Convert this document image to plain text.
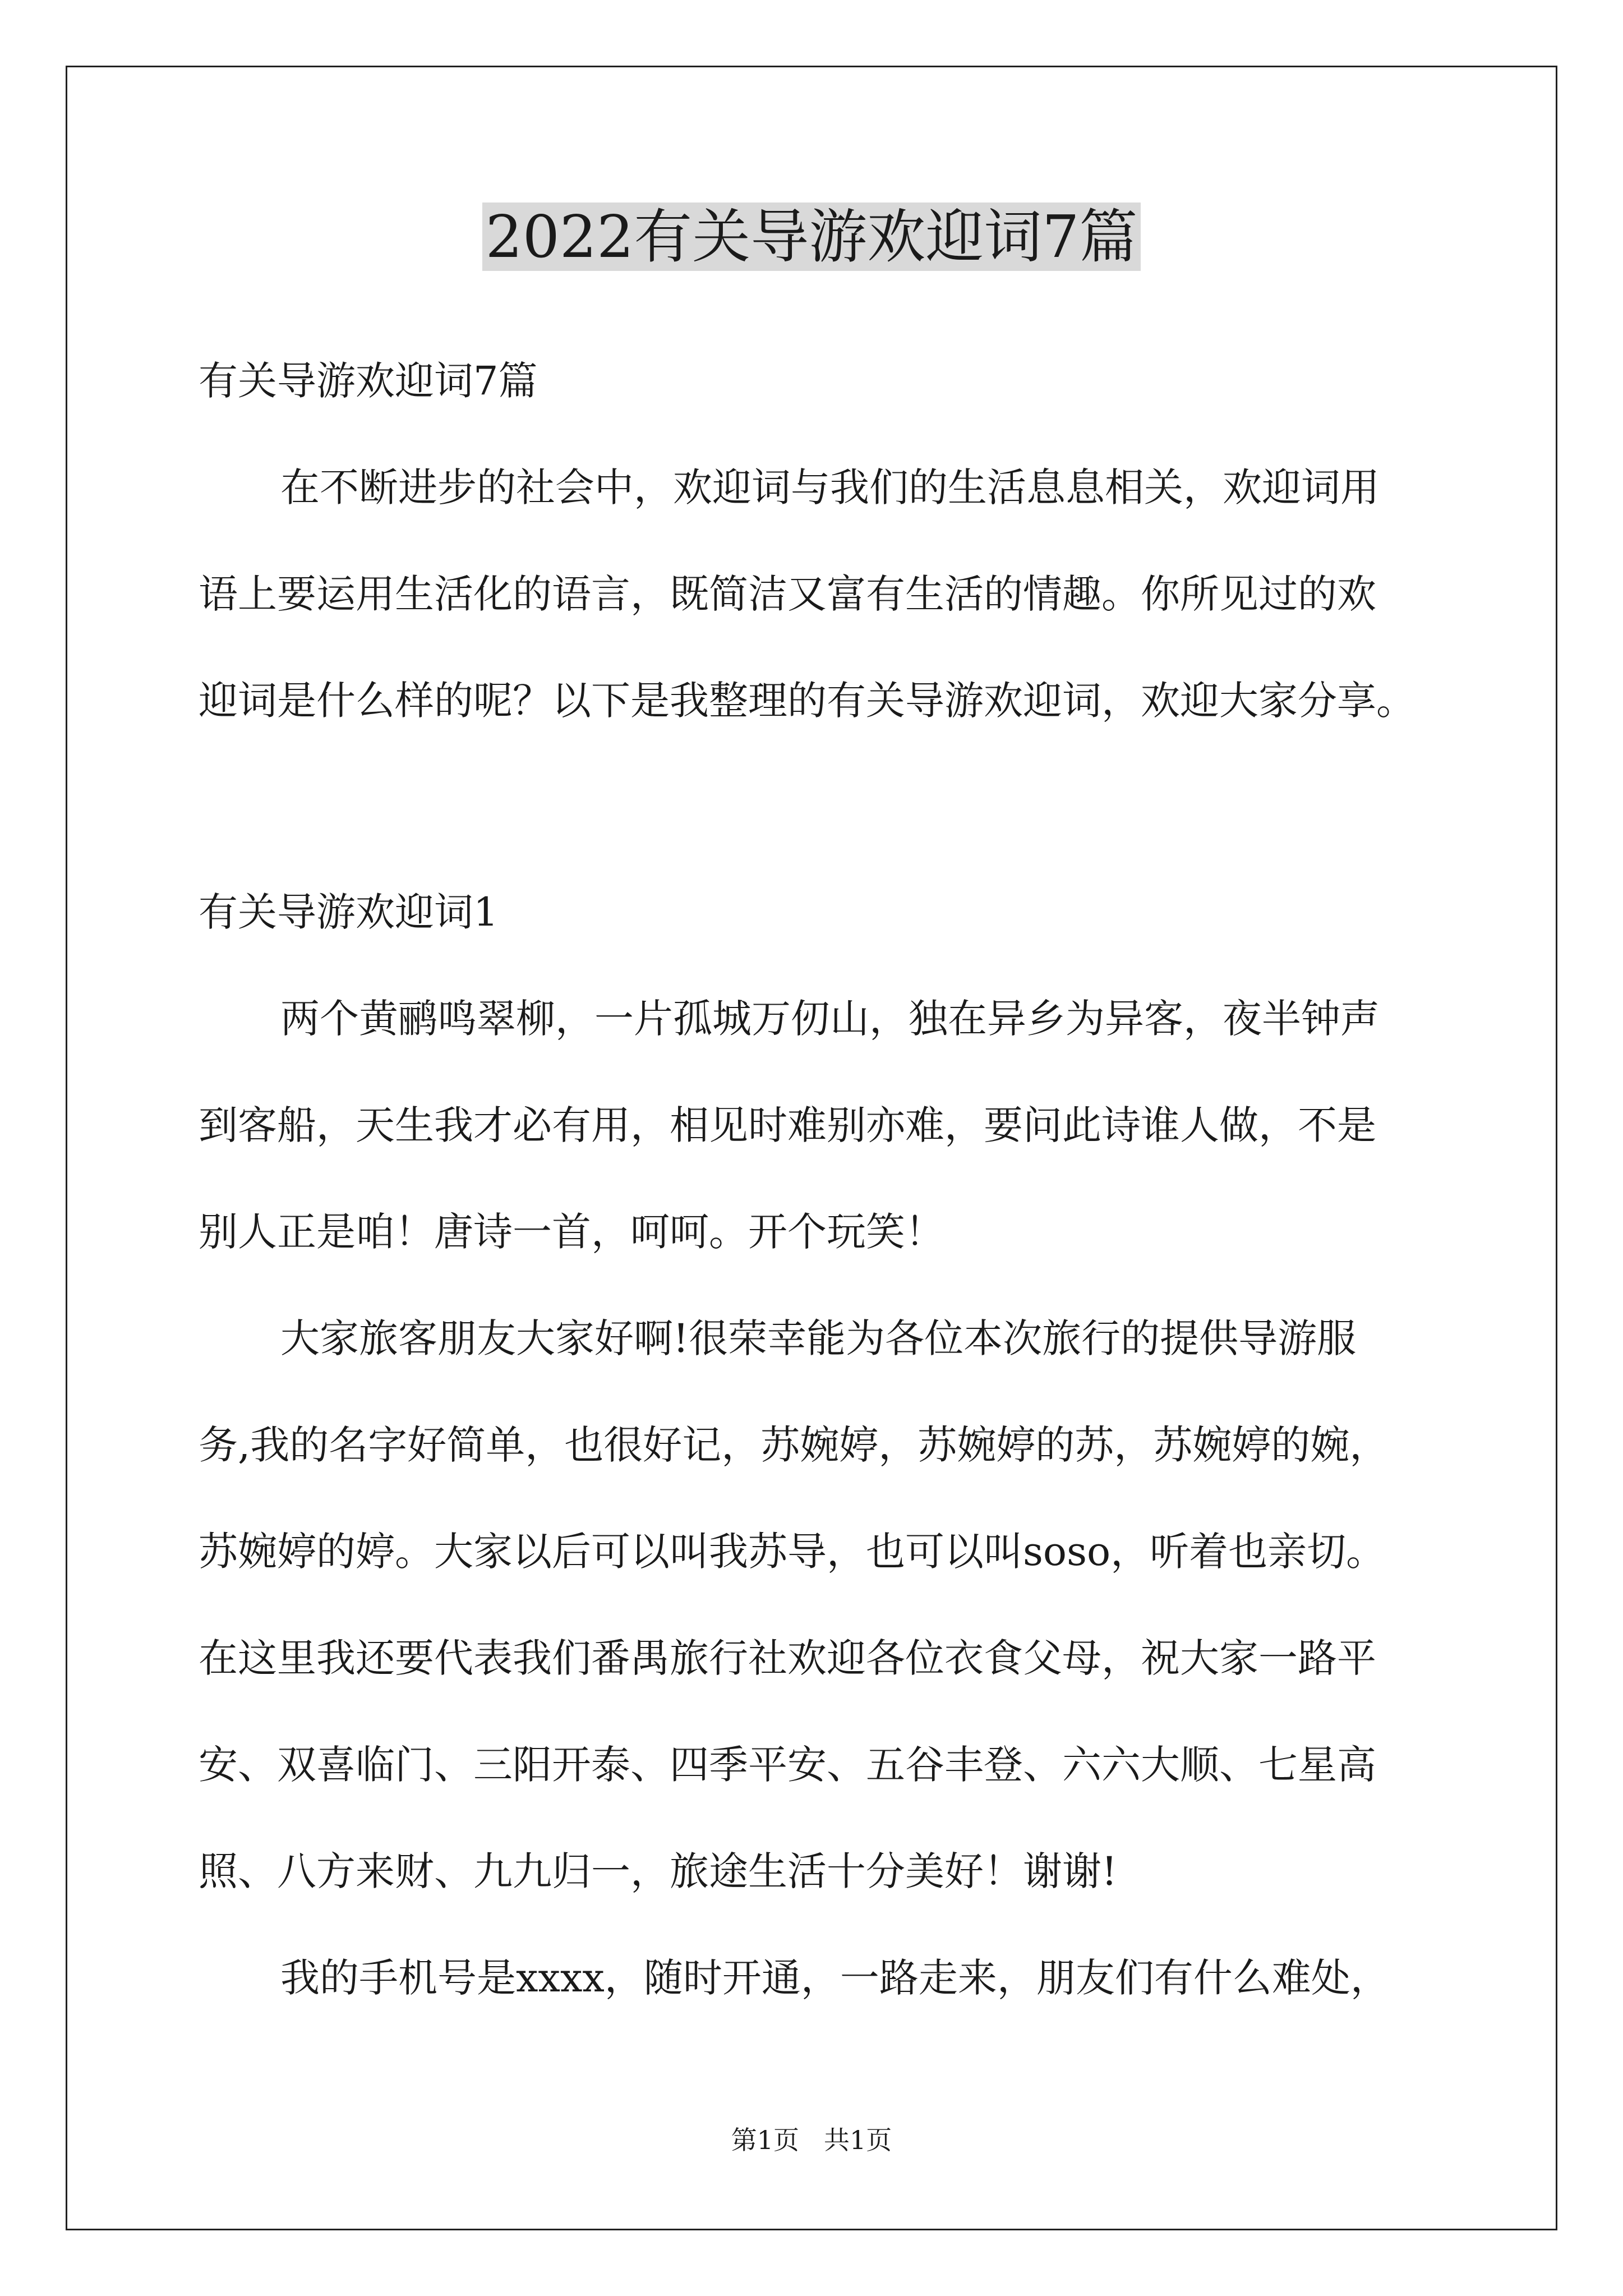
2022有关导游欢迎词7篇
有关导游欢迎词7篇
在不断进步的社会中，欢迎词与我们的生活息息相关，欢迎词用
语上要运用生活化的语言，既简洁又富有生活的情趣。你所见过的欢
迎词是什么样的呢？以下是我整理的有关导游欢迎词，欢迎大家分享。
有关导游欢迎词1
两个黄鹂鸣翠柳，一片孤城万仞山，独在异乡为异客，夜半钟声
到客船，天生我才必有用，相见时难别亦难，要问此诗谁人做，不是
别人正是咱！唐诗一首，呵呵。开个玩笑！
大家旅客朋友大家好啊!很荣幸能为各位本次旅行的提供导游服
务,我的名字好简单，也很好记，苏婉婷，苏婉婷的苏，苏婉婷的婉，
苏婉婷的婷。大家以后可以叫我苏导，也可以叫soso，听着也亲切。
在这里我还要代表我们番禺旅行社欢迎各位衣食父母，祝大家一路平
安、双喜临门、三阳开泰、四季平安、五谷丰登、六六大顺、七星高
照、八方来财、九九归一，旅途生活十分美好！谢谢!
我的手机号是xxxx，随时开通，一路走来，朋友们有什么难处，
第1页 共1页
